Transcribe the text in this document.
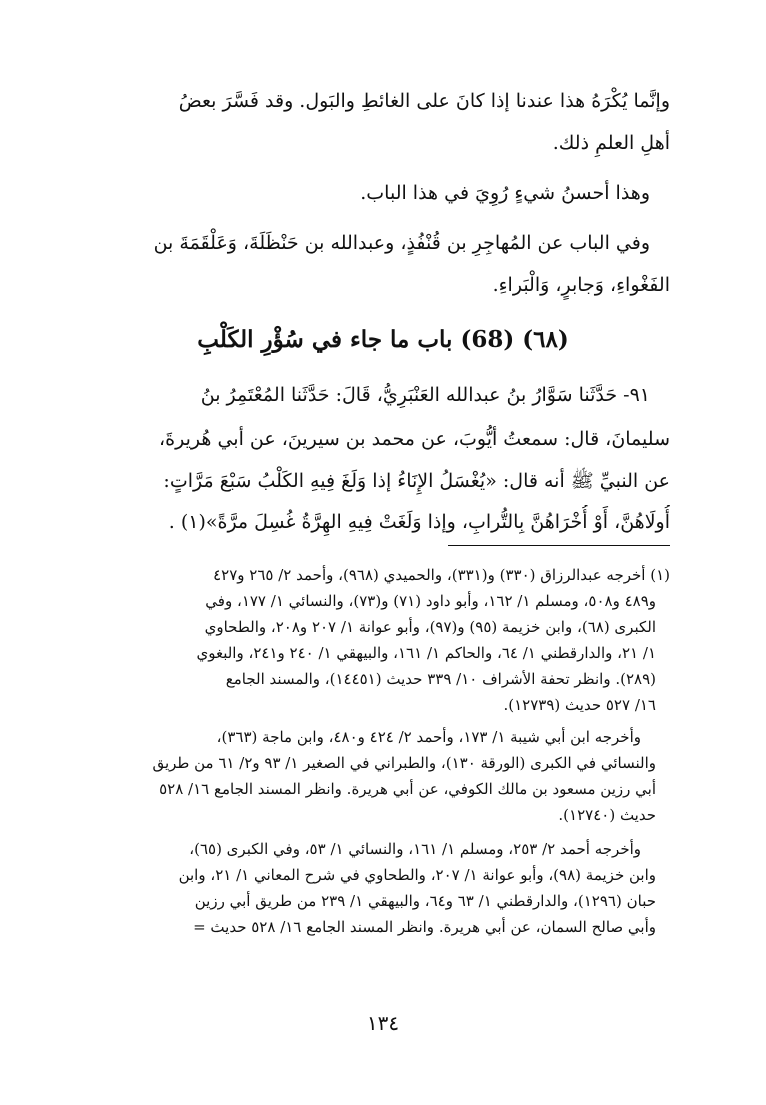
وإنَّما يُكْرَهُ هذا عندنا إذا كانَ على الغائطِ والبَول. وقد فَسَّرَ بعضُ
أهلِ العلمِ ذلك.
وهذا أحسنُ شيءٍ رُوِيَ في هذا الباب.
وفي الباب عن المُهاجِرِ بن قُنْفُذٍ، وعبدالله بن حَنْظَلَةَ، وَعَلْقَمَةَ بن
الفَغْواءِ، وَجابرٍ، وَالْبَراءِ.
(٦٨) (68) باب ما جاء في سُؤْرِ الكَلْبِ
٩١- حَدَّثَنا سَوَّارُ بنُ عبدالله العَنْبَرِيُّ، قَالَ: حَدَّثَنا المُعْتَمِرُ بنُ
سليمانَ، قال: سمعتُ أيُّوبَ، عن محمد بن سيرينَ، عن أبي هُريرةَ،
عن النبيِّ ﷺ أنه قال: «يُغْسَلُ الإِنَاءُ إذا وَلَغَ فِيهِ الكَلْبُ سَبْعَ مَرَّاتٍ:
أُولَاهُنَّ، أَوْ أُخْرَاهُنَّ بِالتُّرابِ، وإذا وَلَغَتْ فِيهِ الهِرَّةُ غُسِلَ مرَّةً»(١) .
(١) أخرجه عبدالرزاق (٣٣٠) و(٣٣١)، والحميدي (٩٦٨)، وأحمد ٢/ ٢٦٥ و٤٢٧
و٤٨٩ و٥٠٨، ومسلم ١/ ١٦٢، وأبو داود (٧١) و(٧٣)، والنسائي ١/ ١٧٧، وفي
الكبرى (٦٨)، وابن خزيمة (٩٥) و(٩٧)، وأبو عوانة ١/ ٢٠٧ و٢٠٨، والطحاوي
١/ ٢١، والدارقطني ١/ ٦٤، والحاكم ١/ ١٦١، والبيهقي ١/ ٢٤٠ و٢٤١، والبغوي
(٢٨٩). وانظر تحفة الأشراف ١٠/ ٣٣٩ حديث (١٤٤٥١)، والمسند الجامع
١٦/ ٥٢٧ حديث (١٢٧٣٩).
وأخرجه ابن أبي شيبة ١/ ١٧٣، وأحمد ٢/ ٤٢٤ و٤٨٠، وابن ماجة (٣٦٣)،
والنسائي في الكبرى (الورقة ١٣٠)، والطبراني في الصغير ١/ ٩٣ و٢/ ٦١ من طريق
أبي رزين مسعود بن مالك الكوفي، عن أبي هريرة. وانظر المسند الجامع ١٦/ ٥٢٨
حديث (١٢٧٤٠).
وأخرجه أحمد ٢/ ٢٥٣، ومسلم ١/ ١٦١، والنسائي ١/ ٥٣، وفي الكبرى (٦٥)،
وابن خزيمة (٩٨)، وأبو عوانة ١/ ٢٠٧، والطحاوي في شرح المعاني ١/ ٢١، وابن
حبان (١٢٩٦)، والدارقطني ١/ ٦٣ و٦٤، والبيهقي ١/ ٢٣٩ من طريق أبي رزين
وأبي صالح السمان، عن أبي هريرة. وانظر المسند الجامع ١٦/ ٥٢٨ حديث =
١٣٤
